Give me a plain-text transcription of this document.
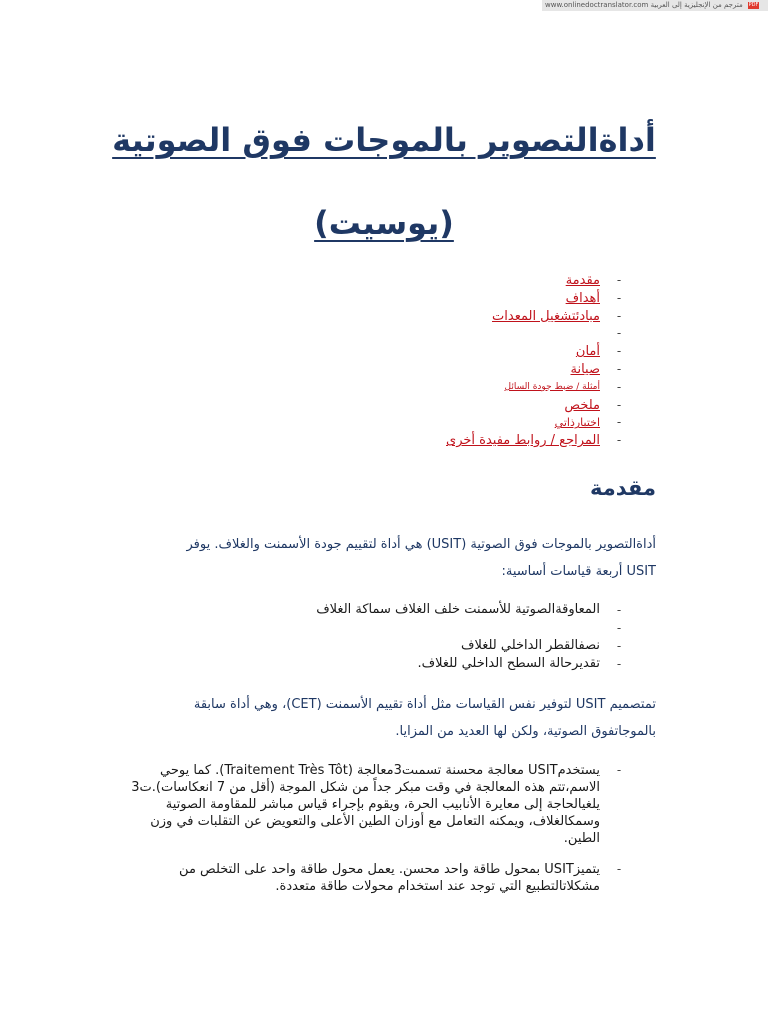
www.onlinedoctranslator.com مترجم من الإنجليزية إلى العربية PDF
أداةالتصوير بالموجات فوق الصوتية
(يوسيت)
-
مقدمة
-
أهداف
-
مبادئتشغيل المعدات
-
-
أمان
-
صيانة
-
أمثلة / ضبط جودة السائل
-
ملخص
-
اختبارذاتي
-
المراجع / روابط مفيدة أخرى
مقدمة
أداةالتصوير بالموجات فوق الصوتية (USIT) هي أداة لتقييم جودة الأسمنت والغلاف. يوفر
USIT أربعة قياسات أساسية:
-
المعاوقةالصوتية للأسمنت خلف الغلاف سماكة الغلاف
-
-
نصفالقطر الداخلي للغلاف
-
تقديرحالة السطح الداخلي للغلاف.
تمتصميم USIT لتوفير نفس القياسات مثل أداة تقييم الأسمنت (CET)، وهي أداة سابقة
بالموجاتفوق الصوتية، ولكن لها العديد من المزايا.
-
يستخدمUSIT معالجة محسنة تسمىت3معالجة (Traitement Très Tôt). كما يوحي الاسم،تتم هذه المعالجة في وقت مبكر جداً من شكل الموجة (أقل من 7 انعكاسات).ت3 يلغيالحاجة إلى معايرة الأنابيب الحرة، ويقوم بإجراء قياس مباشر للمقاومة الصوتية وسمكالغلاف، ويمكنه التعامل مع أوزان الطين الأعلى والتعويض عن التقلبات في وزن الطين.
-
يتميزUSIT بمحول طاقة واحد محسن. يعمل محول طاقة واحد على التخلص من مشكلاتالتطبيع التي توجد عند استخدام محولات طاقة متعددة.
